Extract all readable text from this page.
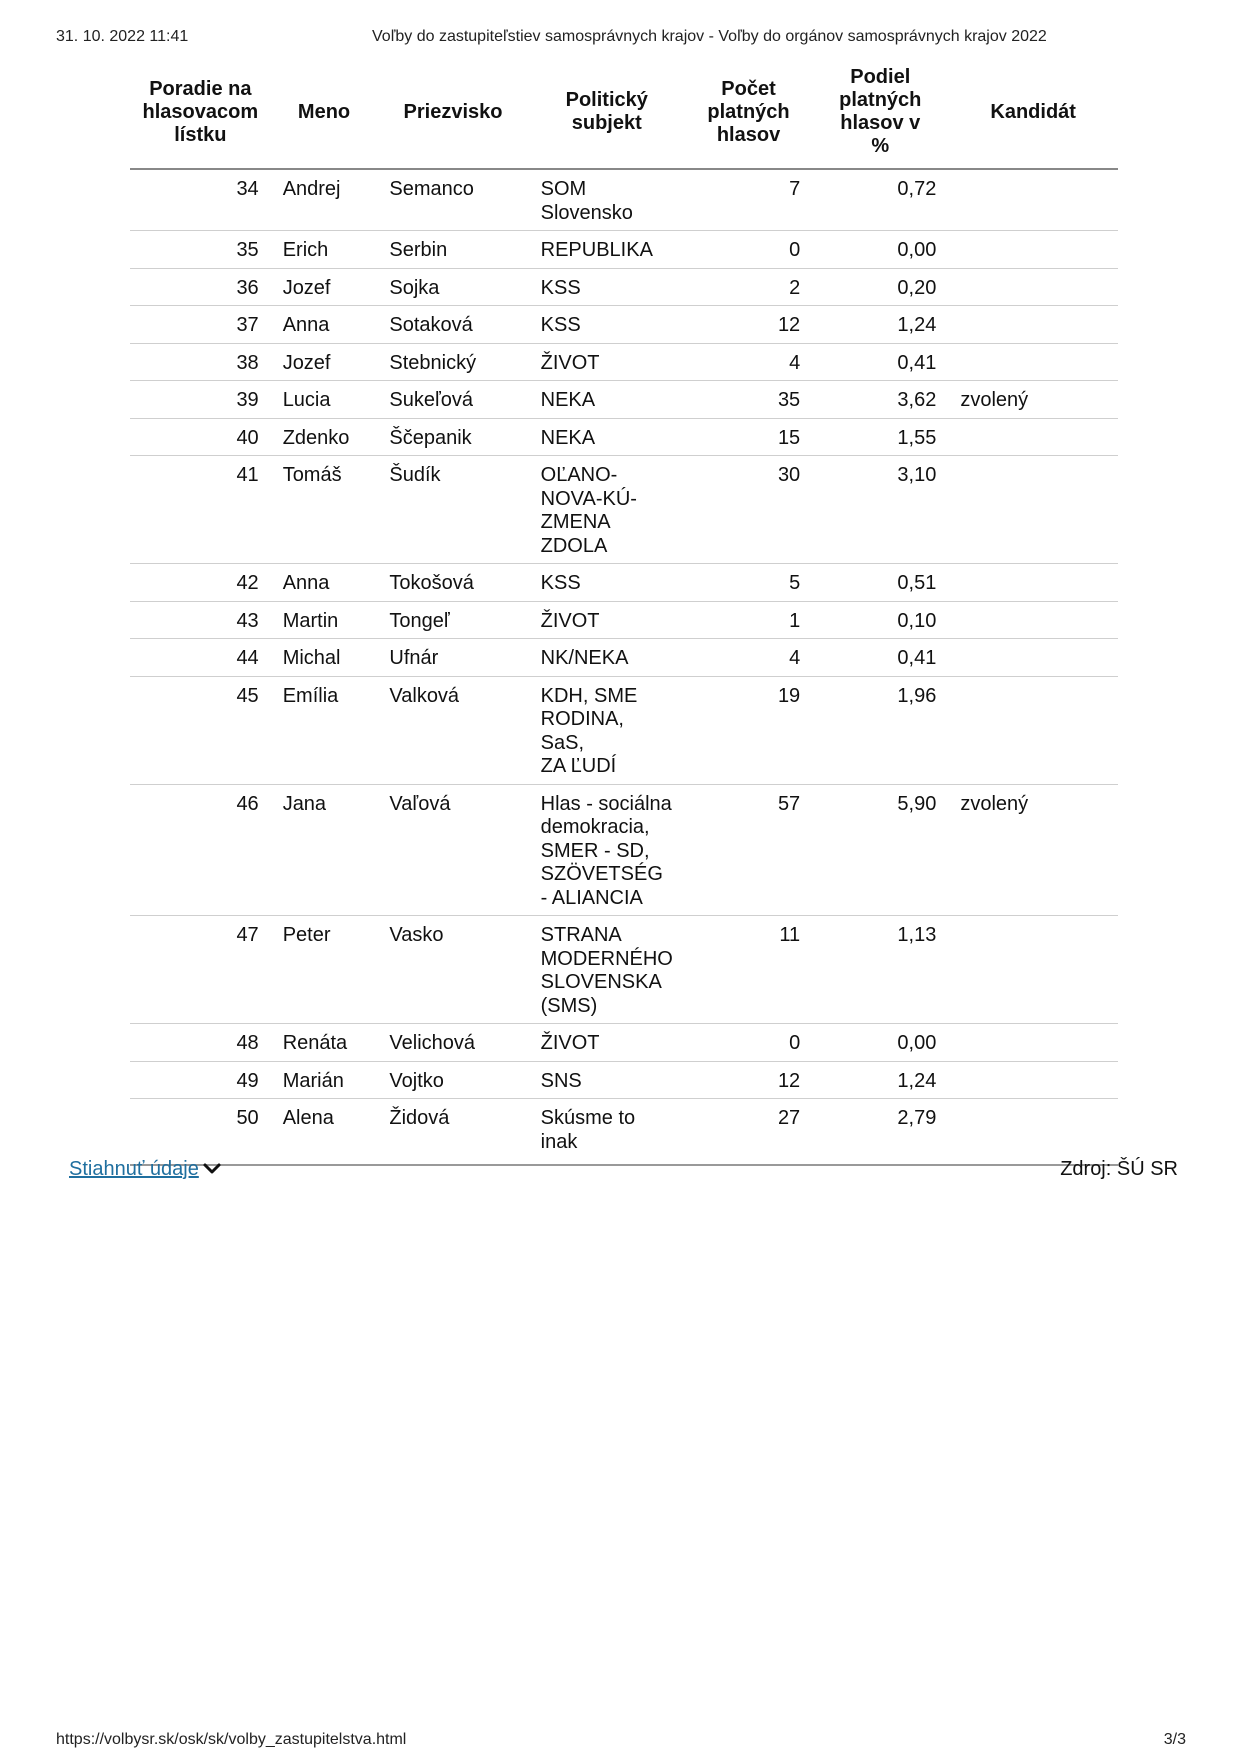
31. 10. 2022 11:41	Voľby do zastupiteľstiev samosprávnych krajov - Voľby do orgánov samosprávnych krajov 2022
Poradie na
hlasovacom
lístku	Meno	Priezvisko	Politický
subjekt	Počet
platných
hlasov	Podiel
platných
hlasov v
%	Kandidát
34	Andrej	Semanco	SOM
Slovensko	7	0,72	
35	Erich	Serbin	REPUBLIKA	0	0,00	
36	Jozef	Sojka	KSS	2	0,20	
37	Anna	Sotaková	KSS	12	1,24	
38	Jozef	Stebnický	ŽIVOT	4	0,41	
39	Lucia	Sukeľová	NEKA	35	3,62	zvolený
40	Zdenko	Ščepanik	NEKA	15	1,55	
41	Tomáš	Šudík	OĽANO-
NOVA-KÚ-
ZMENA
ZDOLA	30	3,10	
42	Anna	Tokošová	KSS	5	0,51	
43	Martin	Tongeľ	ŽIVOT	1	0,10	
44	Michal	Ufnár	NK/NEKA	4	0,41	
45	Emília	Valková	KDH, SME
RODINA, SaS,
ZA ĽUDÍ	19	1,96	
46	Jana	Vaľová	Hlas - sociálna
demokracia,
SMER - SD,
SZÖVETSÉG
- ALIANCIA	57	5,90	zvolený
47	Peter	Vasko	STRANA
MODERNÉHO
SLOVENSKA
(SMS)	11	1,13	
48	Renáta	Velichová	ŽIVOT	0	0,00	
49	Marián	Vojtko	SNS	12	1,24	
50	Alena	Židová	Skúsme to
inak	27	2,79	
Stiahnuť údaje	Zdroj: ŠÚ SR
https://volbysr.sk/osk/sk/volby_zastupitelstva.html	3/3
